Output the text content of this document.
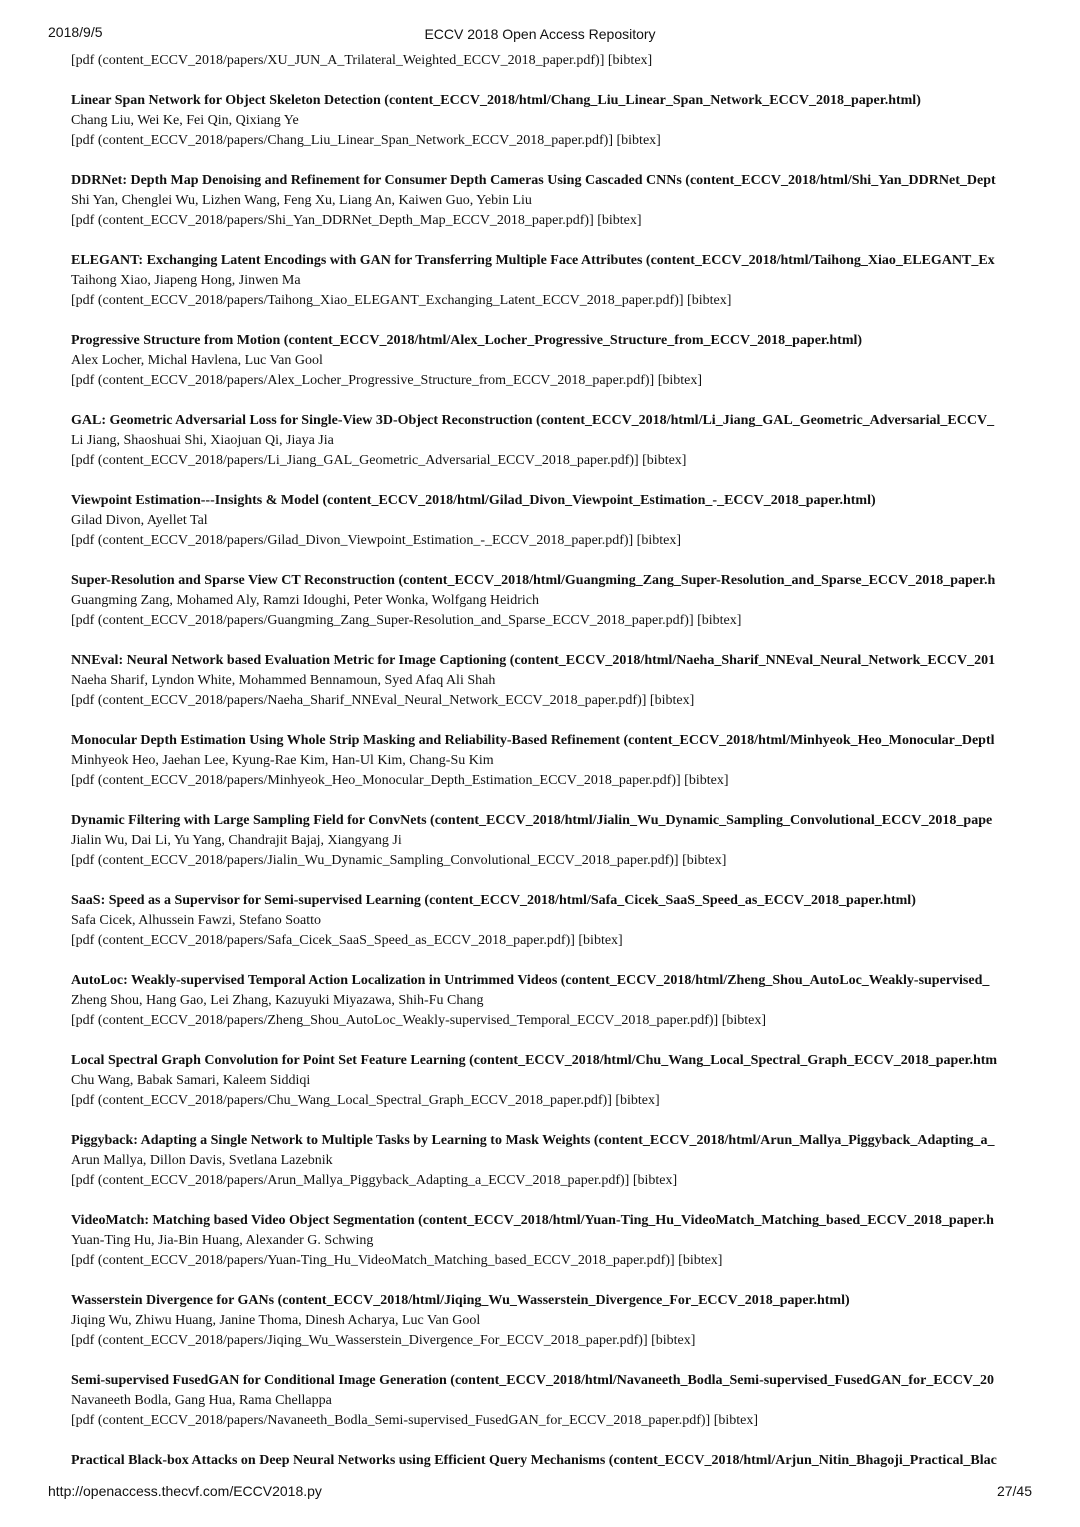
2018/9/5	ECCV 2018 Open Access Repository
[pdf (content_ECCV_2018/papers/XU_JUN_A_Trilateral_Weighted_ECCV_2018_paper.pdf)] [bibtex]
Linear Span Network for Object Skeleton Detection (content_ECCV_2018/html/Chang_Liu_Linear_Span_Network_ECCV_2018_paper.html)
Chang Liu, Wei Ke, Fei Qin, Qixiang Ye
[pdf (content_ECCV_2018/papers/Chang_Liu_Linear_Span_Network_ECCV_2018_paper.pdf)] [bibtex]
DDRNet: Depth Map Denoising and Refinement for Consumer Depth Cameras Using Cascaded CNNs (content_ECCV_2018/html/Shi_Yan_DDRNet_Dept
Shi Yan, Chenglei Wu, Lizhen Wang, Feng Xu, Liang An, Kaiwen Guo, Yebin Liu
[pdf (content_ECCV_2018/papers/Shi_Yan_DDRNet_Depth_Map_ECCV_2018_paper.pdf)] [bibtex]
ELEGANT: Exchanging Latent Encodings with GAN for Transferring Multiple Face Attributes (content_ECCV_2018/html/Taihong_Xiao_ELEGANT_Ex
Taihong Xiao, Jiapeng Hong, Jinwen Ma
[pdf (content_ECCV_2018/papers/Taihong_Xiao_ELEGANT_Exchanging_Latent_ECCV_2018_paper.pdf)] [bibtex]
Progressive Structure from Motion (content_ECCV_2018/html/Alex_Locher_Progressive_Structure_from_ECCV_2018_paper.html)
Alex Locher, Michal Havlena, Luc Van Gool
[pdf (content_ECCV_2018/papers/Alex_Locher_Progressive_Structure_from_ECCV_2018_paper.pdf)] [bibtex]
GAL: Geometric Adversarial Loss for Single-View 3D-Object Reconstruction (content_ECCV_2018/html/Li_Jiang_GAL_Geometric_Adversarial_ECCV_
Li Jiang, Shaoshuai Shi, Xiaojuan Qi, Jiaya Jia
[pdf (content_ECCV_2018/papers/Li_Jiang_GAL_Geometric_Adversarial_ECCV_2018_paper.pdf)] [bibtex]
Viewpoint Estimation---Insights & Model (content_ECCV_2018/html/Gilad_Divon_Viewpoint_Estimation_-_ECCV_2018_paper.html)
Gilad Divon, Ayellet Tal
[pdf (content_ECCV_2018/papers/Gilad_Divon_Viewpoint_Estimation_-_ECCV_2018_paper.pdf)] [bibtex]
Super-Resolution and Sparse View CT Reconstruction (content_ECCV_2018/html/Guangming_Zang_Super-Resolution_and_Sparse_ECCV_2018_paper.h
Guangming Zang, Mohamed Aly, Ramzi Idoughi, Peter Wonka, Wolfgang Heidrich
[pdf (content_ECCV_2018/papers/Guangming_Zang_Super-Resolution_and_Sparse_ECCV_2018_paper.pdf)] [bibtex]
NNEval: Neural Network based Evaluation Metric for Image Captioning (content_ECCV_2018/html/Naeha_Sharif_NNEval_Neural_Network_ECCV_201
Naeha Sharif, Lyndon White, Mohammed Bennamoun, Syed Afaq Ali Shah
[pdf (content_ECCV_2018/papers/Naeha_Sharif_NNEval_Neural_Network_ECCV_2018_paper.pdf)] [bibtex]
Monocular Depth Estimation Using Whole Strip Masking and Reliability-Based Refinement (content_ECCV_2018/html/Minhyeok_Heo_Monocular_Deptl
Minhyeok Heo, Jaehan Lee, Kyung-Rae Kim, Han-Ul Kim, Chang-Su Kim
[pdf (content_ECCV_2018/papers/Minhyeok_Heo_Monocular_Depth_Estimation_ECCV_2018_paper.pdf)] [bibtex]
Dynamic Filtering with Large Sampling Field for ConvNets (content_ECCV_2018/html/Jialin_Wu_Dynamic_Sampling_Convolutional_ECCV_2018_pape
Jialin Wu, Dai Li, Yu Yang, Chandrajit Bajaj, Xiangyang Ji
[pdf (content_ECCV_2018/papers/Jialin_Wu_Dynamic_Sampling_Convolutional_ECCV_2018_paper.pdf)] [bibtex]
SaaS: Speed as a Supervisor for Semi-supervised Learning (content_ECCV_2018/html/Safa_Cicek_SaaS_Speed_as_ECCV_2018_paper.html)
Safa Cicek, Alhussein Fawzi, Stefano Soatto
[pdf (content_ECCV_2018/papers/Safa_Cicek_SaaS_Speed_as_ECCV_2018_paper.pdf)] [bibtex]
AutoLoc: Weakly-supervised Temporal Action Localization in Untrimmed Videos (content_ECCV_2018/html/Zheng_Shou_AutoLoc_Weakly-supervised_
Zheng Shou, Hang Gao, Lei Zhang, Kazuyuki Miyazawa, Shih-Fu Chang
[pdf (content_ECCV_2018/papers/Zheng_Shou_AutoLoc_Weakly-supervised_Temporal_ECCV_2018_paper.pdf)] [bibtex]
Local Spectral Graph Convolution for Point Set Feature Learning (content_ECCV_2018/html/Chu_Wang_Local_Spectral_Graph_ECCV_2018_paper.htm
Chu Wang, Babak Samari, Kaleem Siddiqi
[pdf (content_ECCV_2018/papers/Chu_Wang_Local_Spectral_Graph_ECCV_2018_paper.pdf)] [bibtex]
Piggyback: Adapting a Single Network to Multiple Tasks by Learning to Mask Weights (content_ECCV_2018/html/Arun_Mallya_Piggyback_Adapting_a_
Arun Mallya, Dillon Davis, Svetlana Lazebnik
[pdf (content_ECCV_2018/papers/Arun_Mallya_Piggyback_Adapting_a_ECCV_2018_paper.pdf)] [bibtex]
VideoMatch: Matching based Video Object Segmentation (content_ECCV_2018/html/Yuan-Ting_Hu_VideoMatch_Matching_based_ECCV_2018_paper.h
Yuan-Ting Hu, Jia-Bin Huang, Alexander G. Schwing
[pdf (content_ECCV_2018/papers/Yuan-Ting_Hu_VideoMatch_Matching_based_ECCV_2018_paper.pdf)] [bibtex]
Wasserstein Divergence for GANs (content_ECCV_2018/html/Jiqing_Wu_Wasserstein_Divergence_For_ECCV_2018_paper.html)
Jiqing Wu, Zhiwu Huang, Janine Thoma, Dinesh Acharya, Luc Van Gool
[pdf (content_ECCV_2018/papers/Jiqing_Wu_Wasserstein_Divergence_For_ECCV_2018_paper.pdf)] [bibtex]
Semi-supervised FusedGAN for Conditional Image Generation (content_ECCV_2018/html/Navaneeth_Bodla_Semi-supervised_FusedGAN_for_ECCV_20
Navaneeth Bodla, Gang Hua, Rama Chellappa
[pdf (content_ECCV_2018/papers/Navaneeth_Bodla_Semi-supervised_FusedGAN_for_ECCV_2018_paper.pdf)] [bibtex]
Practical Black-box Attacks on Deep Neural Networks using Efficient Query Mechanisms (content_ECCV_2018/html/Arjun_Nitin_Bhagoji_Practical_Blac
http://openaccess.thecvf.com/ECCV2018.py	27/45
